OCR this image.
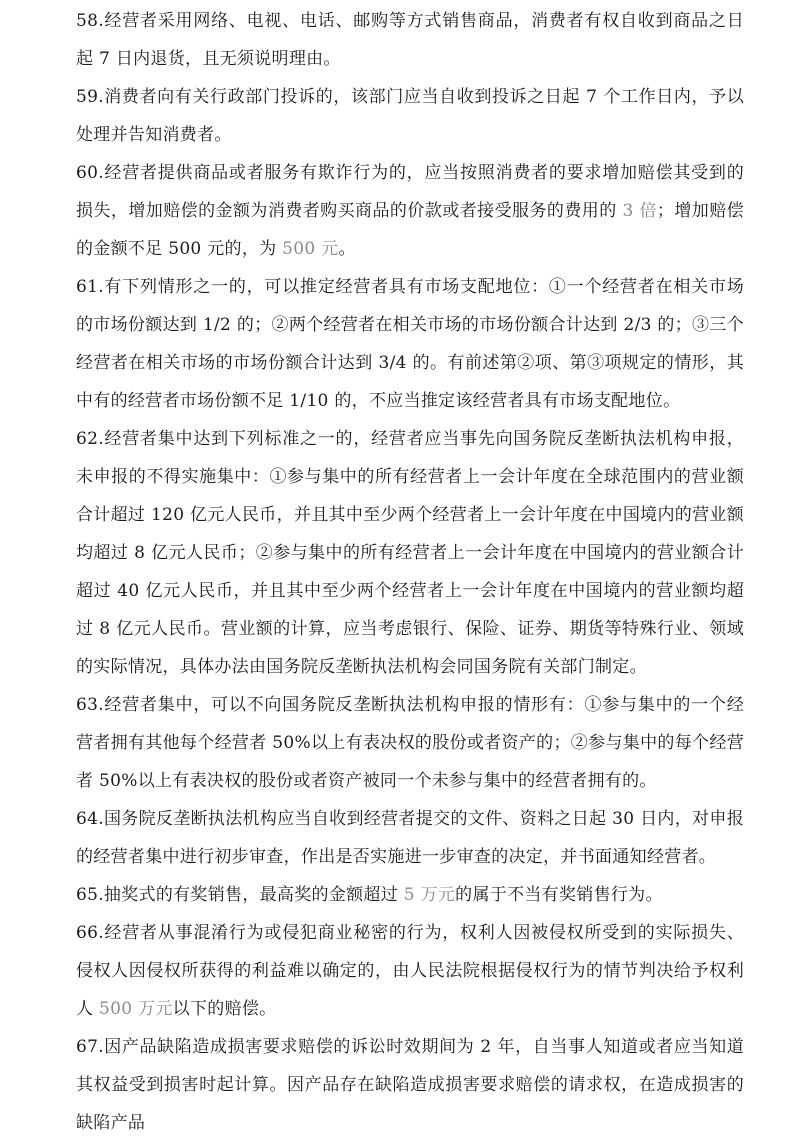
58.经营者采用网络、电视、电话、邮购等方式销售商品，消费者有权自收到商品之日起 7 日内退货，且无须说明理由。

59.消费者向有关行政部门投诉的，该部门应当自收到投诉之日起 7 个工作日内，予以处理并告知消费者。

60.经营者提供商品或者服务有欺诈行为的，应当按照消费者的要求增加赔偿其受到的损失，增加赔偿的金额为消费者购买商品的价款或者接受服务的费用的 3 倍；增加赔偿的金额不足 500 元的，为 500 元。

61.有下列情形之一的，可以推定经营者具有市场支配地位：①一个经营者在相关市场的市场份额达到 1/2 的；②两个经营者在相关市场的市场份额合计达到 2/3 的；③三个经营者在相关市场的市场份额合计达到 3/4 的。有前述第②项、第③项规定的情形，其中有的经营者市场份额不足 1/10 的，不应当推定该经营者具有市场支配地位。

62.经营者集中达到下列标准之一的，经营者应当事先向国务院反垄断执法机构申报，未申报的不得实施集中：①参与集中的所有经营者上一会计年度在全球范围内的营业额合计超过 120 亿元人民币，并且其中至少两个经营者上一会计年度在中国境内的营业额均超过 8 亿元人民币；②参与集中的所有经营者上一会计年度在中国境内的营业额合计超过 40 亿元人民币，并且其中至少两个经营者上一会计年度在中国境内的营业额均超过 8 亿元人民币。营业额的计算，应当考虑银行、保险、证券、期货等特殊行业、领域的实际情况，具体办法由国务院反垄断执法机构会同国务院有关部门制定。

63.经营者集中，可以不向国务院反垄断执法机构申报的情形有：①参与集中的一个经营者拥有其他每个经营者 50%以上有表决权的股份或者资产的；②参与集中的每个经营者 50%以上有表决权的股份或者资产被同一个未参与集中的经营者拥有的。

64.国务院反垄断执法机构应当自收到经营者提交的文件、资料之日起 30 日内，对申报的经营者集中进行初步审查，作出是否实施进一步审查的决定，并书面通知经营者。

65.抽奖式的有奖销售，最高奖的金额超过 5 万元的属于不当有奖销售行为。

66.经营者从事混淆行为或侵犯商业秘密的行为，权利人因被侵权所受到的实际损失、侵权人因侵权所获得的利益难以确定的，由人民法院根据侵权行为的情节判决给予权利人 500 万元以下的赔偿。

67.因产品缺陷造成损害要求赔偿的诉讼时效期间为 2 年，自当事人知道或者应当知道其权益受到损害时起计算。因产品存在缺陷造成损害要求赔偿的请求权，在造成损害的缺陷产品
